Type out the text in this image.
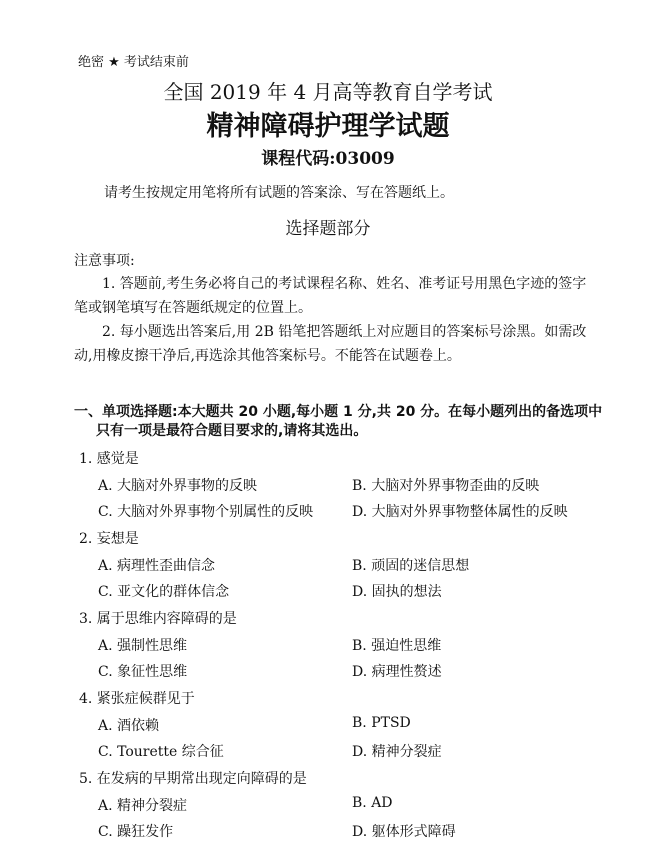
绝密 ★ 考试结束前
全国 2019 年 4 月高等教育自学考试
精神障碍护理学试题
课程代码:03009
请考生按规定用笔将所有试题的答案涂、写在答题纸上。
选择题部分
注意事项:
1. 答题前,考生务必将自己的考试课程名称、姓名、准考证号用黑色字迹的签字笔或钢笔填写在答题纸规定的位置上。
2. 每小题选出答案后,用 2B 铅笔把答题纸上对应题目的答案标号涂黑。如需改动,用橡皮擦干净后,再选涂其他答案标号。不能答在试题卷上。
一、单项选择题:本大题共 20 小题,每小题 1 分,共 20 分。在每小题列出的备选项中
只有一项是最符合题目要求的,请将其选出。
1. 感觉是
A. 大脑对外界事物的反映	B. 大脑对外界事物歪曲的反映
C. 大脑对外界事物个别属性的反映	D. 大脑对外界事物整体属性的反映
2. 妄想是
A. 病理性歪曲信念	B. 顽固的迷信思想
C. 亚文化的群体信念	D. 固执的想法
3. 属于思维内容障碍的是
A. 强制性思维	B. 强迫性思维
C. 象征性思维	D. 病理性赘述
4. 紧张症候群见于
A. 酒依赖	B. PTSD
C. Tourette 综合征	D. 精神分裂症
5. 在发病的早期常出现定向障碍的是
A. 精神分裂症	B. AD
C. 躁狂发作	D. 躯体形式障碍
